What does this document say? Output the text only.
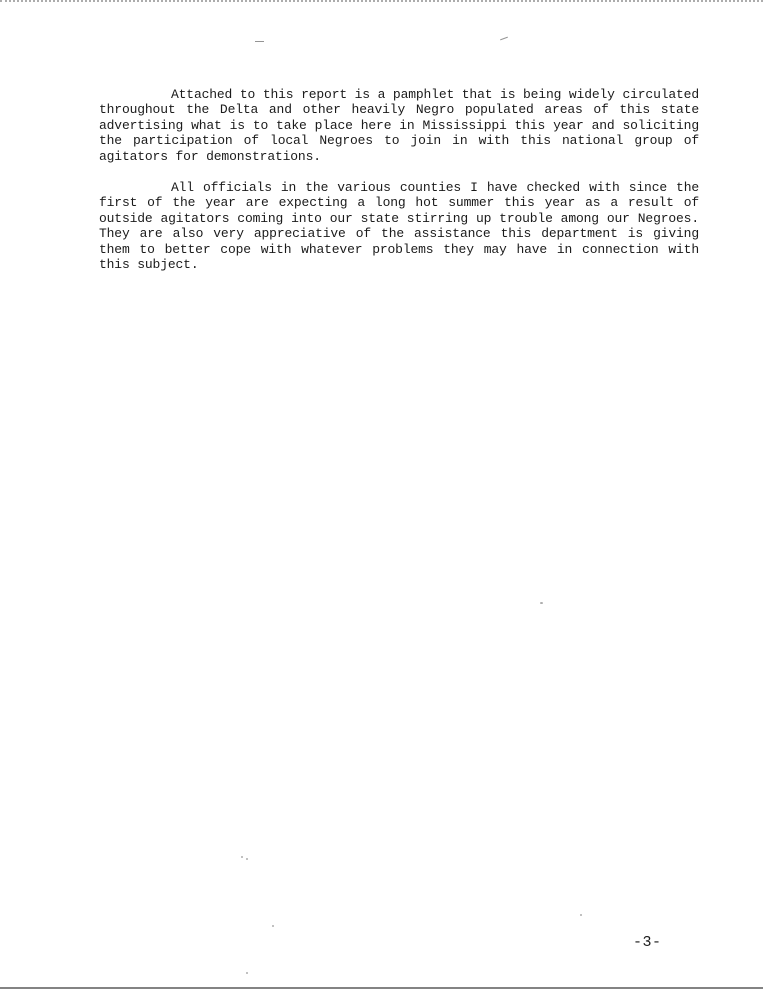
Attached to this report is a pamphlet that is being widely circulated throughout the Delta and other heavily Negro populated areas of this state advertising what is to take place here in Mississippi this year and soliciting the participation of local Negroes to join in with this national group of agitators for demonstrations.

All officials in the various counties I have checked with since the first of the year are expecting a long hot summer this year as a result of outside agitators coming into our state stirring up trouble among our Negroes. They are also very appreciative of the assistance this department is giving them to better cope with whatever problems they may have in connection with this subject.

-3-
